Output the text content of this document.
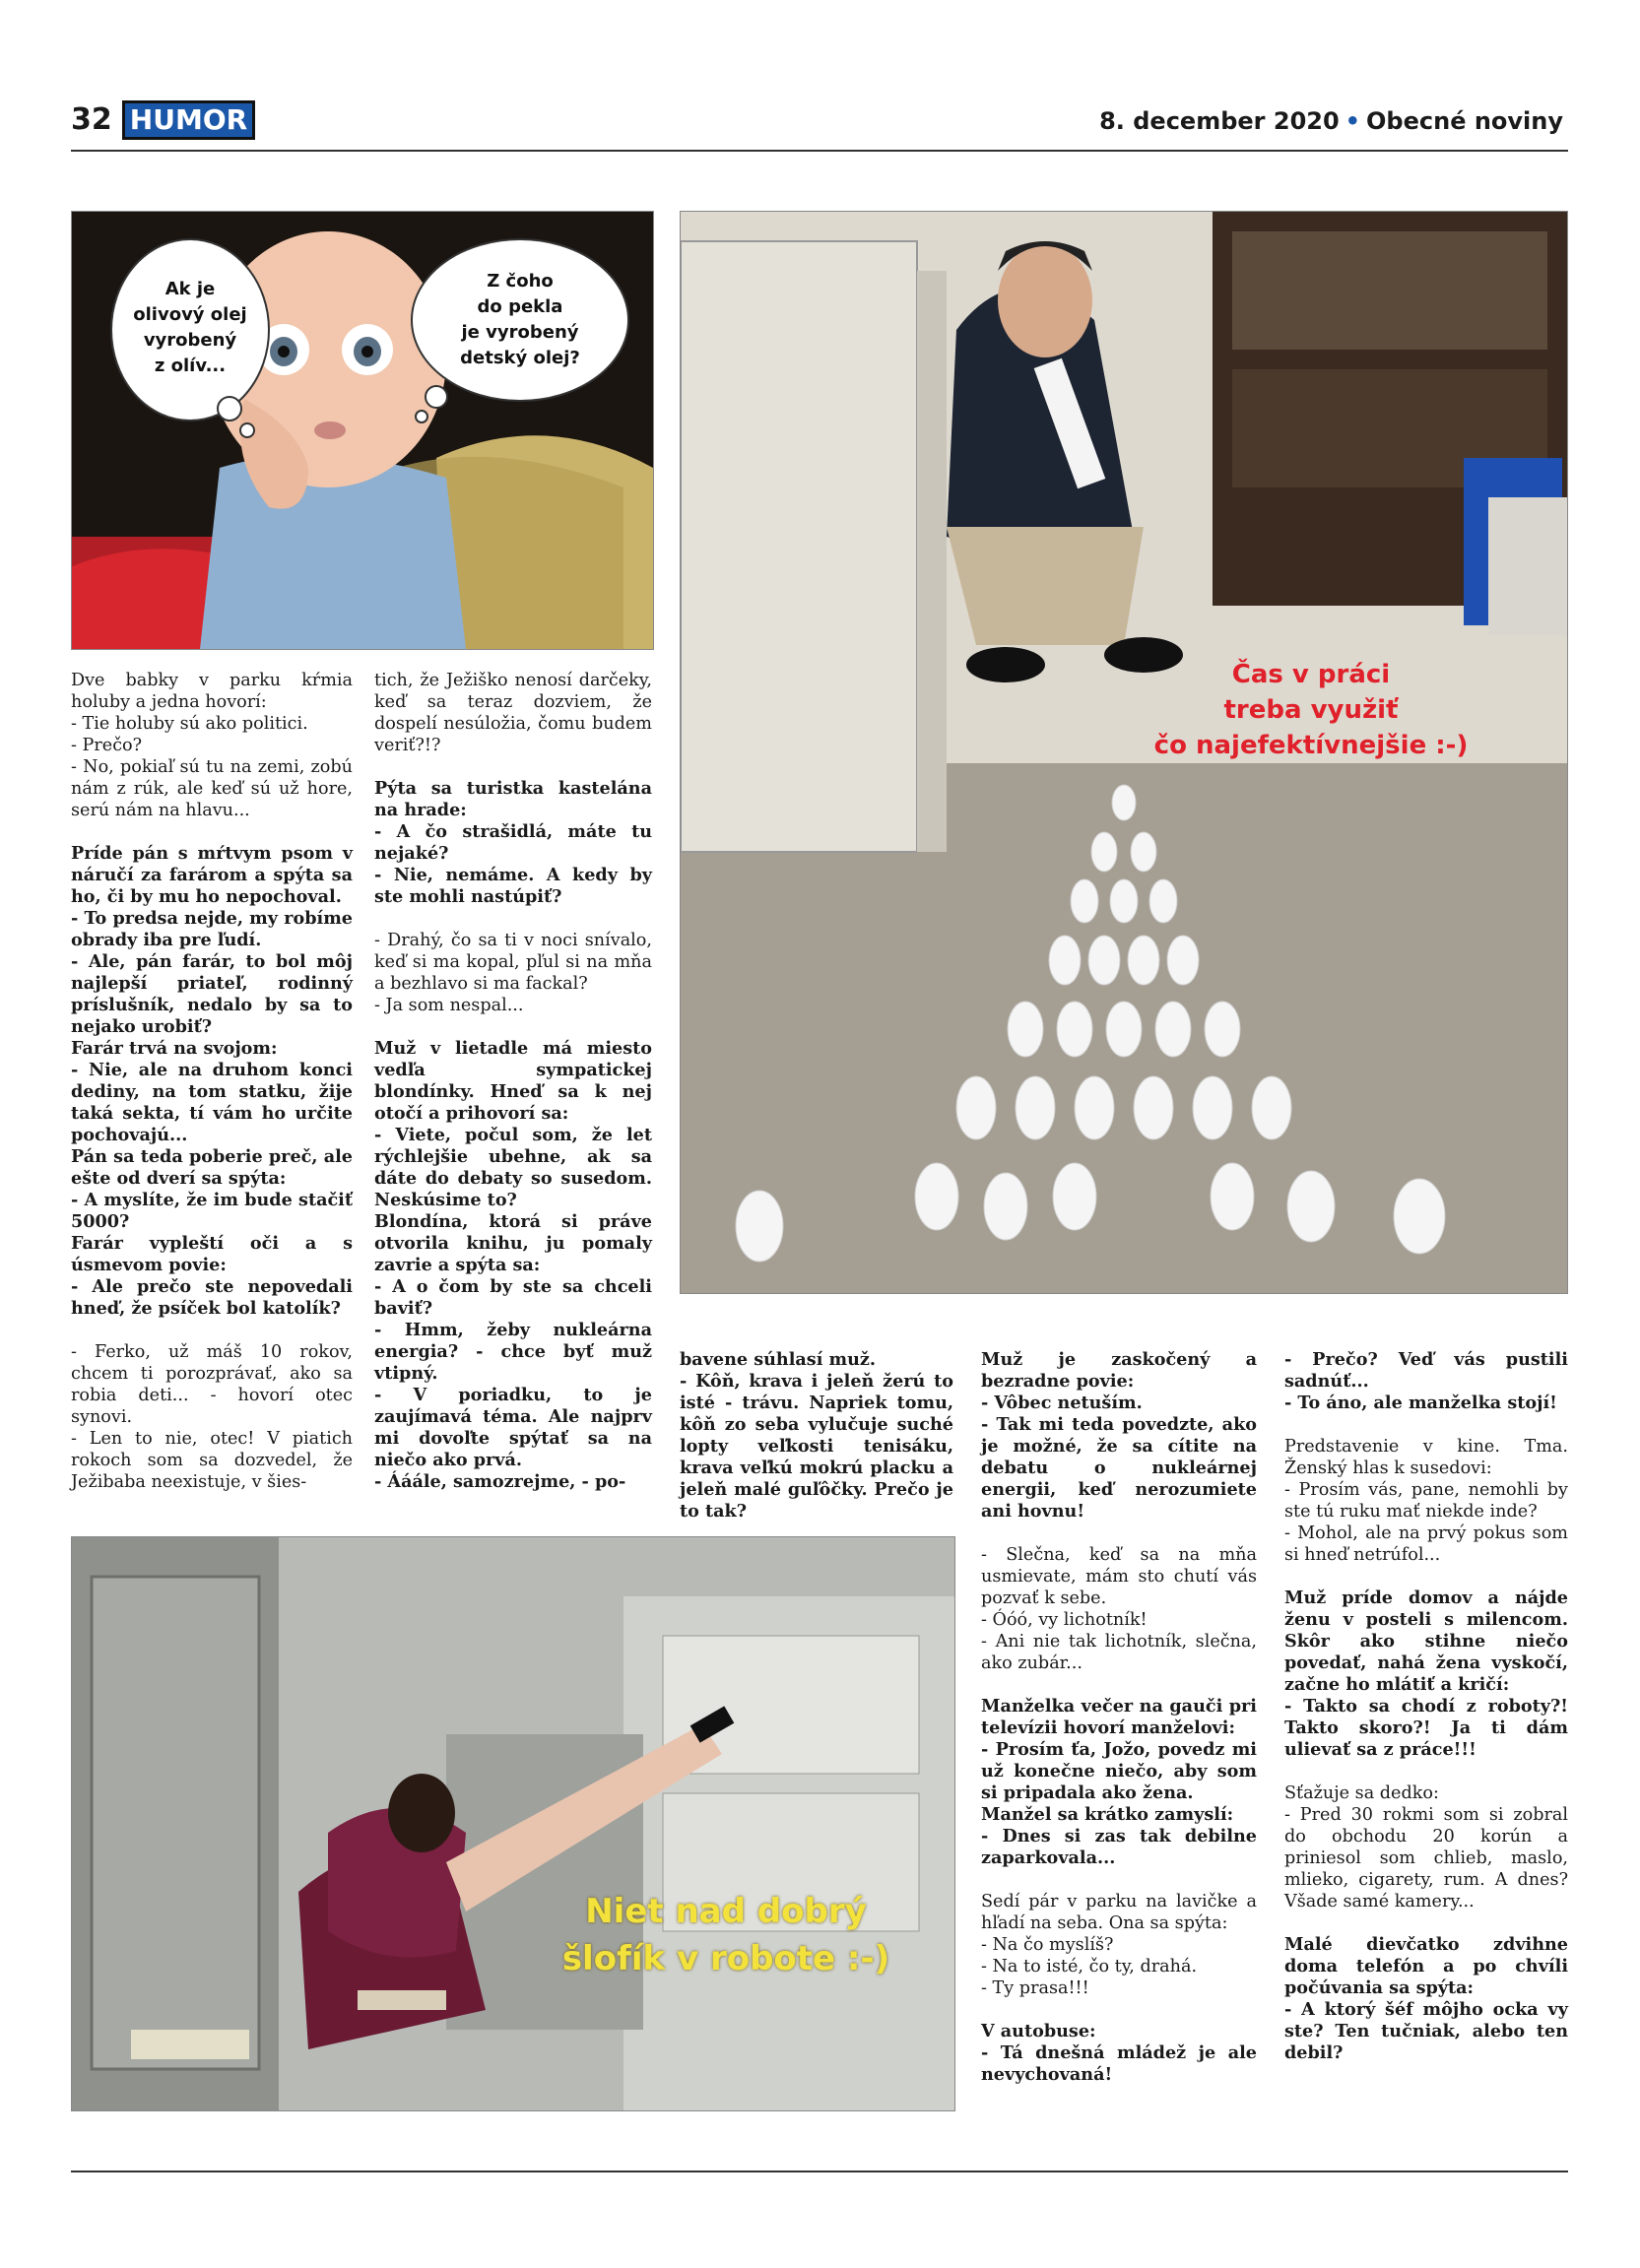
32 HUMOR	8. december 2020 • Obecné noviny
Ak je
olivový olej
vyrobený
z olív...
Z čoho
do pekla
je vyrobený
detský olej?
Čas v práci
treba využiť
čo najefektívnejšie :-)
Niet nad dobrý
šlofík v robote :-)

Dve babky v parku kŕmia holuby a jedna hovorí:

- Tie holuby sú ako politici.

- Prečo?

- No, pokiaľ sú tu na zemi, zobú nám z rúk, ale keď sú už hore, serú nám na hlavu...

Príde pán s mŕtvym psom v náručí za farárom a spýta sa ho, či by mu ho nepochoval.

- To predsa nejde, my robíme obrady iba pre ľudí.

- Ale, pán farár, to bol môj najlepší priateľ, rodinný príslušník, nedalo by sa to nejako urobiť?

Farár trvá na svojom:

- Nie, ale na druhom konci dediny, na tom statku, žije taká sekta, tí vám ho určite pochovajú...

Pán sa teda poberie preč, ale ešte od dverí sa spýta:

- A myslíte, že im bude stačiť 5000?

Farár vypleští oči a s úsmevom povie:

- Ale prečo ste nepovedali hneď, že psíček bol katolík?

- Ferko, už máš 10 rokov, chcem ti porozprávať, ako sa robia deti... - hovorí otec synovi.

- Len to nie, otec! V piatich rokoch som sa dozvedel, že Ježibaba neexistuje, v šies-

tich, že Ježiško nenosí darčeky, keď sa teraz dozviem, že dospelí nesúložia, čomu budem veriť?!?

Pýta sa turistka kastelána na hrade:

- A čo strašidlá, máte tu nejaké?

- Nie, nemáme. A kedy by ste mohli nastúpiť?

- Drahý, čo sa ti v noci snívalo, keď si ma kopal, pľul si na mňa a bezhlavo si ma fackal?

- Ja som nespal...

Muž v lietadle má miesto vedľa sympatickej blondínky. Hneď sa k nej otočí a prihovorí sa:

- Viete, počul som, že let rýchlejšie ubehne, ak sa dáte do debaty so susedom. Neskúsime to?

Blondína, ktorá si práve otvorila knihu, ju pomaly zavrie a spýta sa:

- A o čom by ste sa chceli baviť?

- Hmm, žeby nukleárna energia? - chce byť muž vtipný.

- V poriadku, to je zaujímavá téma. Ale najprv mi dovoľte spýtať sa na niečo ako prvá.

- Ááále, samozrejme, - po-

bavene súhlasí muž.

- Kôň, krava i jeleň žerú to isté - trávu. Napriek tomu, kôň zo seba vylučuje suché lopty veľkosti tenisáku, krava veľkú mokrú placku a jeleň malé guľôčky. Prečo je to tak?

Muž je zaskočený a bezradne povie:

- Vôbec netuším.

- Tak mi teda povedzte, ako je možné, že sa cítite na debatu o nukleárnej energii, keď nerozumiete ani hovnu!

- Slečna, keď sa na mňa usmievate, mám sto chutí vás pozvať k sebe.

- Óóó, vy lichotník!

- Ani nie tak lichotník, slečna, ako zubár...

Manželka večer na gauči pri televízii hovorí manželovi:

- Prosím ťa, Jožo, povedz mi už konečne niečo, aby som si pripadala ako žena.

Manžel sa krátko zamyslí:

- Dnes si zas tak debilne zaparkovala...

Sedí pár v parku na lavičke a hľadí na seba. Ona sa spýta:

- Na čo myslíš?

- Na to isté, čo ty, drahá.

- Ty prasa!!!

V autobuse:

- Tá dnešná mládež je ale nevychovaná!

- Prečo? Veď vás pustili sadnúť...

- To áno, ale manželka stojí!

Predstavenie v kine. Tma. Ženský hlas k susedovi:

- Prosím vás, pane, nemohli by ste tú ruku mať niekde inde?

- Mohol, ale na prvý pokus som si hneď netrúfol...

Muž príde domov a nájde ženu v posteli s milencom. Skôr ako stihne niečo povedať, nahá žena vyskočí, začne ho mlátiť a kričí:

- Takto sa chodí z roboty?! Takto skoro?! Ja ti dám ulievať sa z práce!!!

Sťažuje sa dedko:

- Pred 30 rokmi som si zobral do obchodu 20 korún a priniesol som chlieb, maslo, mlieko, cigarety, rum. A dnes? Všade samé kamery...

Malé dievčatko zdvihne doma telefón a po chvíli počúvania sa spýta:

- A ktorý šéf môjho ocka vy ste? Ten tučniak, alebo ten debil?
